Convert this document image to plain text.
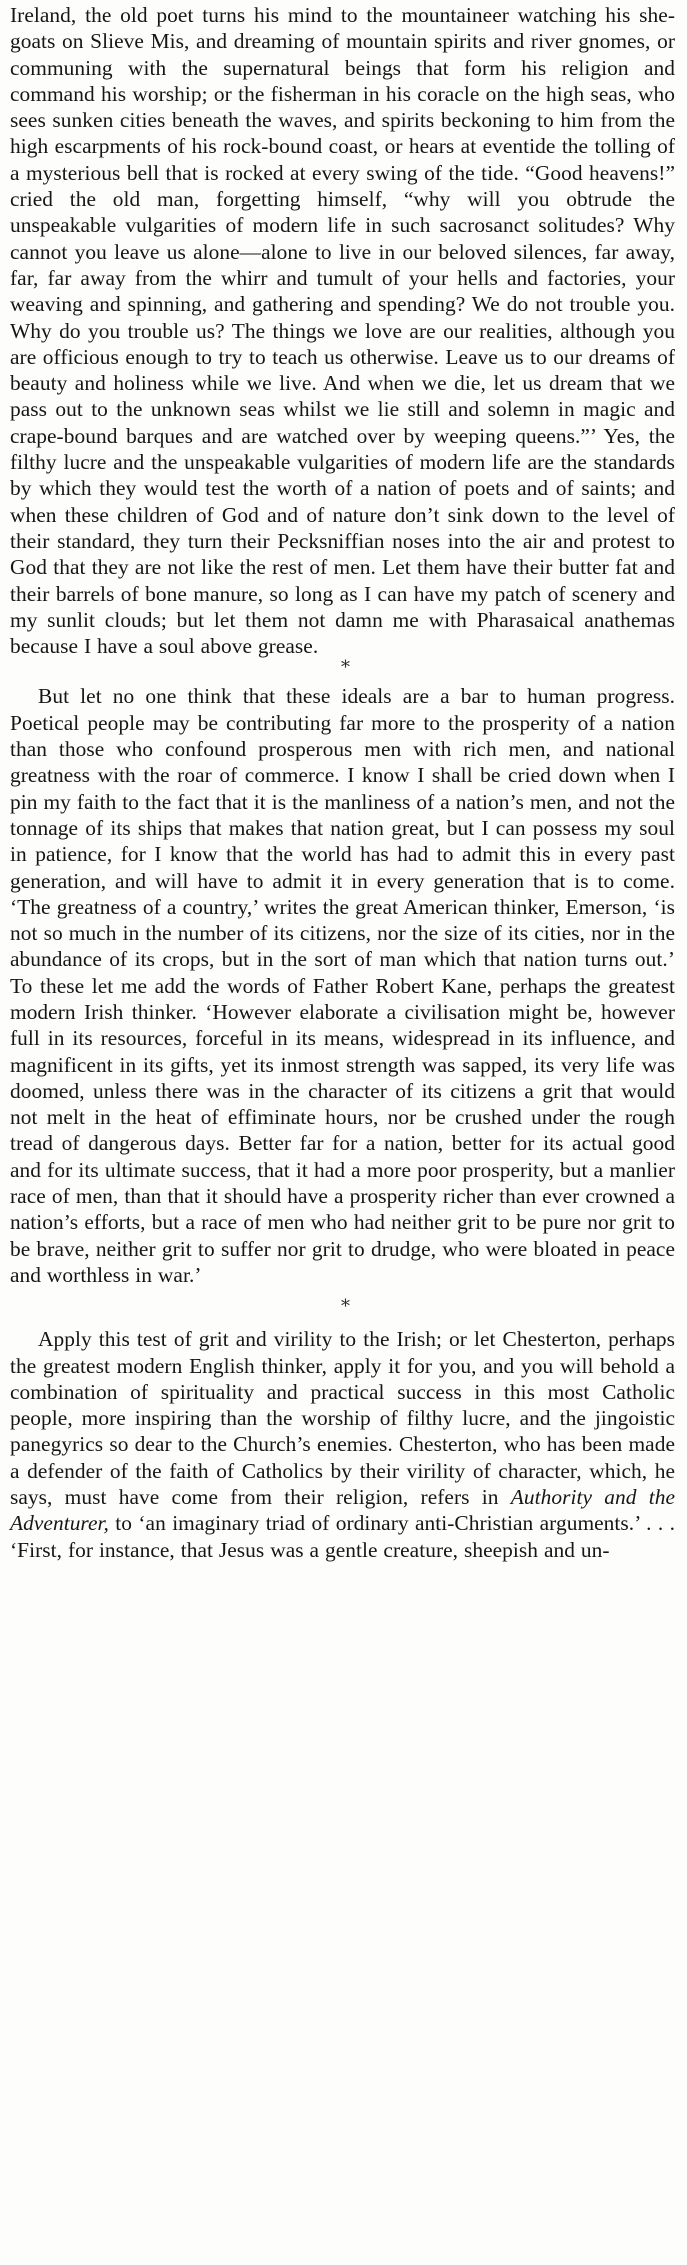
Ireland, the old poet turns his mind to the mountaineer watching his she-goats on Slieve Mis, and dreaming of mountain spirits and river gnomes, or communing with the supernatural beings that form his religion and command his worship; or the fisherman in his coracle on the high seas, who sees sunken cities beneath the waves, and spirits beckoning to him from the high escarpments of his rock-bound coast, or hears at eventide the tolling of a mysterious bell that is rocked at every swing of the tide. “Good heavens!” cried the old man, forgetting himself, “why will you obtrude the unspeakable vulgarities of modern life in such sacrosanct solitudes? Why cannot you leave us alone—alone to live in our beloved silences, far away, far, far away from the whirr and tumult of your hells and factories, your weaving and spinning, and gathering and spending? We do not trouble you. Why do you trouble us? The things we love are our realities, although you are officious enough to try to teach us otherwise. Leave us to our dreams of beauty and holiness while we live. And when we die, let us dream that we pass out to the unknown seas whilst we lie still and solemn in magic and crape-bound barques and are watched over by weeping queens.”’ Yes, the filthy lucre and the unspeakable vulgarities of modern life are the standards by which they would test the worth of a nation of poets and of saints; and when these children of God and of nature don’t sink down to the level of their standard, they turn their Pecksniffian noses into the air and protest to God that they are not like the rest of men. Let them have their butter fat and their barrels of bone manure, so long as I can have my patch of scenery and my sunlit clouds; but let them not damn me with Pharasaical anathemas because I have a soul above grease.

*

But let no one think that these ideals are a bar to human progress. Poetical people may be contributing far more to the prosperity of a nation than those who confound prosperous men with rich men, and national greatness with the roar of commerce. I know I shall be cried down when I pin my faith to the fact that it is the manliness of a nation’s men, and not the tonnage of its ships that makes that nation great, but I can possess my soul in patience, for I know that the world has had to admit this in every past generation, and will have to admit it in every generation that is to come. ‘The greatness of a country,’ writes the great American thinker, Emerson, ‘is not so much in the number of its citizens, nor the size of its cities, nor in the abundance of its crops, but in the sort of man which that nation turns out.’ To these let me add the words of Father Robert Kane, perhaps the greatest modern Irish thinker. ‘However elaborate a civilisation might be, however full in its resources, forceful in its means, widespread in its influence, and magnificent in its gifts, yet its inmost strength was sapped, its very life was doomed, unless there was in the character of its citizens a grit that would not melt in the heat of effiminate hours, nor be crushed under the rough tread of dangerous days. Better far for a nation, better for its actual good and for its ultimate success, that it had a more poor prosperity, but a manlier race of men, than that it should have a prosperity richer than ever crowned a nation’s efforts, but a race of men who had neither grit to be pure nor grit to be brave, neither grit to suffer nor grit to drudge, who were bloated in peace and worthless in war.’

*

Apply this test of grit and virility to the Irish; or let Chesterton, perhaps the greatest modern English thinker, apply it for you, and you will behold a combination of spirituality and practical success in this most Catholic people, more inspiring than the worship of filthy lucre, and the jingoistic panegyrics so dear to the Church’s enemies. Chesterton, who has been made a defender of the faith of Catholics by their virility of character, which, he says, must have come from their religion, refers in Authority and the Adventurer, to ‘an imaginary triad of ordinary anti-Christian arguments.’ . . . ‘First, for instance, that Jesus was a gentle creature, sheepish and un-
